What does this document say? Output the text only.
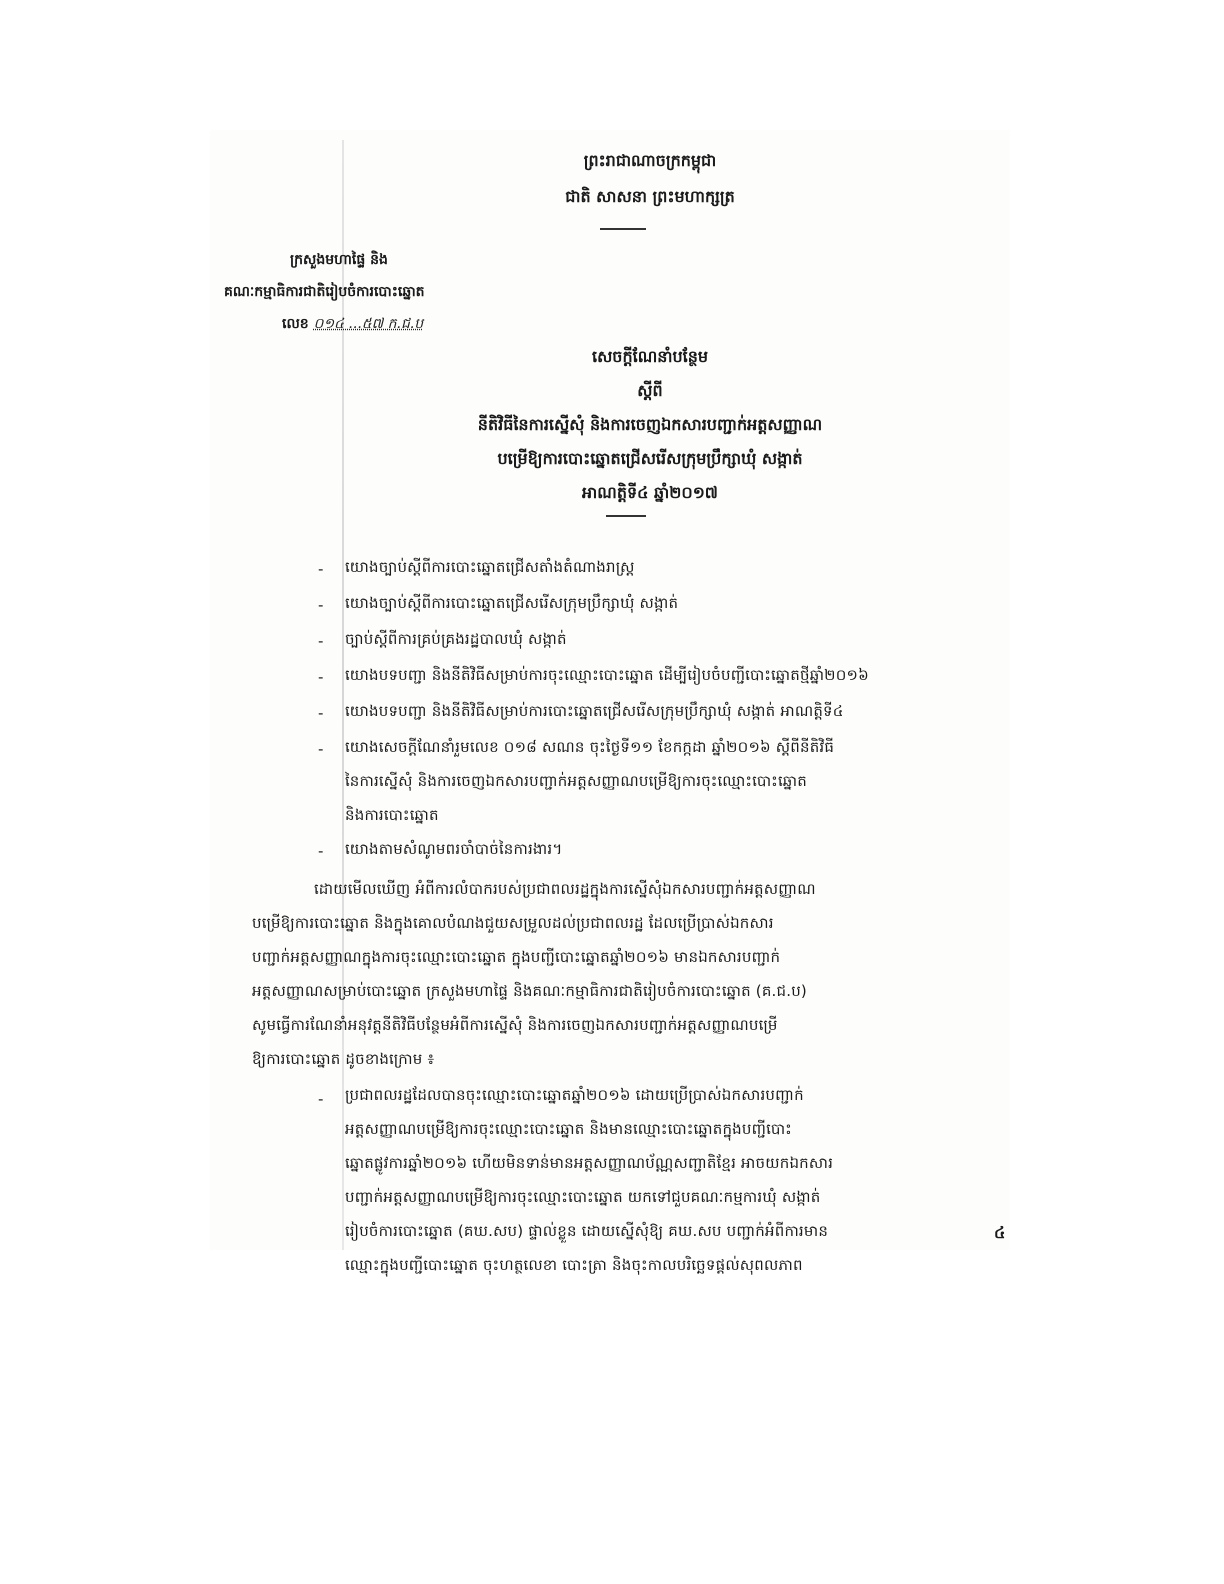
ព្រះរាជាណាចក្រកម្ពុជា
ជាតិ សាសនា ព្រះមហាក្សត្រ
ក្រសួងមហាផ្ទៃ និង
គណៈកម្មាធិការជាតិរៀបចំការបោះឆ្នោត
លេខ ០១៤ ...៥៧ ក.ជ.ប
សេចក្ដីណែនាំបន្ថែម
ស្ដីពី
នីតិវិធីនៃការស្នើសុំ និងការចេញឯកសារបញ្ជាក់អត្តសញ្ញាណ
បម្រើឱ្យការបោះឆ្នោតជ្រើសរើសក្រុមប្រឹក្សាឃុំ សង្កាត់
អាណត្តិទី៤ ឆ្នាំ២០១៧
- យោងច្បាប់ស្ដីពីការបោះឆ្នោតជ្រើសតាំងតំណាងរាស្ត្រ
- យោងច្បាប់ស្ដីពីការបោះឆ្នោតជ្រើសរើសក្រុមប្រឹក្សាឃុំ សង្កាត់
- ច្បាប់ស្ដីពីការគ្រប់គ្រងរដ្ឋបាលឃុំ សង្កាត់
- យោងបទបញ្ជា និងនីតិវិធីសម្រាប់ការចុះឈ្មោះបោះឆ្នោត ដើម្បីរៀបចំបញ្ជីបោះឆ្នោតថ្មីឆ្នាំ២០១៦
- យោងបទបញ្ជា និងនីតិវិធីសម្រាប់ការបោះឆ្នោតជ្រើសរើសក្រុមប្រឹក្សាឃុំ សង្កាត់ អាណត្តិទី៤
- យោងសេចក្ដីណែនាំរួមលេខ ០១៨ សណន ចុះថ្ងៃទី១១ ខែកក្កដា ឆ្នាំ២០១៦ ស្ដីពីនីតិវិធី
នៃការស្នើសុំ និងការចេញឯកសារបញ្ជាក់អត្តសញ្ញាណបម្រើឱ្យការចុះឈ្មោះបោះឆ្នោត
និងការបោះឆ្នោត
- យោងតាមសំណូមពរចាំបាច់នៃការងារ។
ដោយមើលឃើញ អំពីការលំបាករបស់ប្រជាពលរដ្ឋក្នុងការស្នើសុំឯកសារបញ្ជាក់អត្តសញ្ញាណ
បម្រើឱ្យការបោះឆ្នោត និងក្នុងគោលបំណងជួយសម្រួលដល់ប្រជាពលរដ្ឋ ដែលប្រើប្រាស់ឯកសារ
បញ្ជាក់អត្តសញ្ញាណក្នុងការចុះឈ្មោះបោះឆ្នោត ក្នុងបញ្ជីបោះឆ្នោតឆ្នាំ២០១៦ មានឯកសារបញ្ជាក់
អត្តសញ្ញាណសម្រាប់បោះឆ្នោត ក្រសួងមហាផ្ទៃ និងគណៈកម្មាធិការជាតិរៀបចំការបោះឆ្នោត (គ.ជ.ប)
សូមធ្វើការណែនាំអនុវត្តនីតិវិធីបន្ថែមអំពីការស្នើសុំ និងការចេញឯកសារបញ្ជាក់អត្តសញ្ញាណបម្រើ
ឱ្យការបោះឆ្នោត ដូចខាងក្រោម ៖
- ប្រជាពលរដ្ឋដែលបានចុះឈ្មោះបោះឆ្នោតឆ្នាំ២០១៦ ដោយប្រើប្រាស់ឯកសារបញ្ជាក់
អត្តសញ្ញាណបម្រើឱ្យការចុះឈ្មោះបោះឆ្នោត និងមានឈ្មោះបោះឆ្នោតក្នុងបញ្ជីបោះ
ឆ្នោតផ្លូវការឆ្នាំ២០១៦ ហើយមិនទាន់មានអត្តសញ្ញាណប័ណ្ណសញ្ជាតិខ្មែរ អាចយកឯកសារ
បញ្ជាក់អត្តសញ្ញាណបម្រើឱ្យការចុះឈ្មោះបោះឆ្នោត យកទៅជួបគណៈកម្មការឃុំ សង្កាត់
រៀបចំការបោះឆ្នោត (គឃ.សប) ផ្ទាល់ខ្លួន ដោយស្នើសុំឱ្យ គឃ.សប បញ្ជាក់អំពីការមាន
ឈ្មោះក្នុងបញ្ជីបោះឆ្នោត ចុះហត្ថលេខា បោះត្រា និងចុះកាលបរិច្ឆេទផ្ដល់សុពលភាព
៤
